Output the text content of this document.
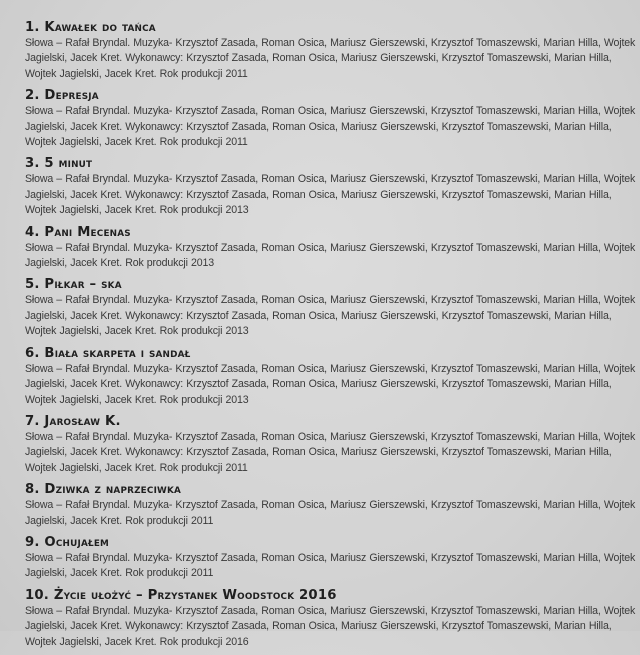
1. Kawałek do tańca
Słowa – Rafał Bryndal. Muzyka- Krzysztof Zasada, Roman Osica, Mariusz Gierszewski, Krzysztof Tomaszewski, Marian Hilla, Wojtek Jagielski, Jacek Kret. Wykonawcy: Krzysztof Zasada, Roman Osica, Mariusz Gierszewski, Krzysztof Tomaszewski, Marian Hilla, Wojtek Jagielski, Jacek Kret. Rok produkcji 2011
2. Depresja
Słowa – Rafał Bryndal. Muzyka- Krzysztof Zasada, Roman Osica, Mariusz Gierszewski, Krzysztof Tomaszewski, Marian Hilla, Wojtek Jagielski, Jacek Kret. Wykonawcy: Krzysztof Zasada, Roman Osica, Mariusz Gierszewski, Krzysztof Tomaszewski, Marian Hilla, Wojtek Jagielski, Jacek Kret. Rok produkcji 2011
3. 5 minut
Słowa – Rafał Bryndal. Muzyka- Krzysztof Zasada, Roman Osica, Mariusz Gierszewski, Krzysztof Tomaszewski, Marian Hilla, Wojtek Jagielski, Jacek Kret. Wykonawcy: Krzysztof Zasada, Roman Osica, Mariusz Gierszewski, Krzysztof Tomaszewski, Marian Hilla, Wojtek Jagielski, Jacek Kret. Rok produkcji 2013
4. Pani Mecenas
Słowa – Rafał Bryndal. Muzyka- Krzysztof Zasada, Roman Osica, Mariusz Gierszewski, Krzysztof Tomaszewski, Marian Hilla, Wojtek Jagielski, Jacek Kret. Rok produkcji 2013
5. Piłkar – ska
Słowa – Rafał Bryndal. Muzyka- Krzysztof Zasada, Roman Osica, Mariusz Gierszewski, Krzysztof Tomaszewski, Marian Hilla, Wojtek Jagielski, Jacek Kret. Wykonawcy: Krzysztof Zasada, Roman Osica, Mariusz Gierszewski, Krzysztof Tomaszewski, Marian Hilla, Wojtek Jagielski, Jacek Kret. Rok produkcji 2013
6. Biała skarpeta i sandał
Słowa – Rafał Bryndal. Muzyka- Krzysztof Zasada, Roman Osica, Mariusz Gierszewski, Krzysztof Tomaszewski, Marian Hilla, Wojtek Jagielski, Jacek Kret. Wykonawcy: Krzysztof Zasada, Roman Osica, Mariusz Gierszewski, Krzysztof Tomaszewski, Marian Hilla, Wojtek Jagielski, Jacek Kret. Rok produkcji 2013
7. Jarosław K.
Słowa – Rafał Bryndal. Muzyka- Krzysztof Zasada, Roman Osica, Mariusz Gierszewski, Krzysztof Tomaszewski, Marian Hilla, Wojtek Jagielski, Jacek Kret. Wykonawcy: Krzysztof Zasada, Roman Osica, Mariusz Gierszewski, Krzysztof Tomaszewski, Marian Hilla, Wojtek Jagielski, Jacek Kret. Rok produkcji 2011
8. Dziwka z naprzeciwka
Słowa – Rafał Bryndal. Muzyka- Krzysztof Zasada, Roman Osica, Mariusz Gierszewski, Krzysztof Tomaszewski, Marian Hilla, Wojtek Jagielski, Jacek Kret. Rok produkcji 2011
9. Ochujałem
Słowa – Rafał Bryndal. Muzyka- Krzysztof Zasada, Roman Osica, Mariusz Gierszewski, Krzysztof Tomaszewski, Marian Hilla, Wojtek Jagielski, Jacek Kret. Rok produkcji 2011
10. Życie ułożyć – Przystanek Woodstock 2016
Słowa – Rafał Bryndal. Muzyka- Krzysztof Zasada, Roman Osica, Mariusz Gierszewski, Krzysztof Tomaszewski, Marian Hilla, Wojtek Jagielski, Jacek Kret. Wykonawcy: Krzysztof Zasada, Roman Osica, Mariusz Gierszewski, Krzysztof Tomaszewski, Marian Hilla, Wojtek Jagielski, Jacek Kret. Rok produkcji 2016
